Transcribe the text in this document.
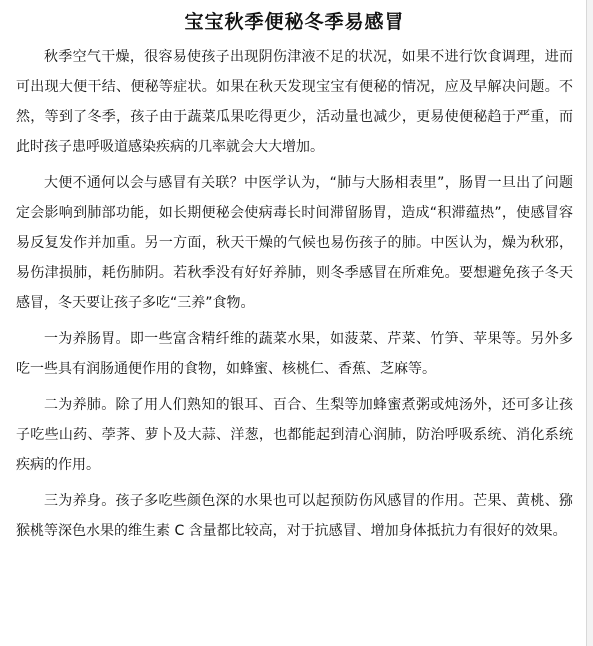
宝宝秋季便秘冬季易感冒

秋季空气干燥，很容易使孩子出现阴伤津液不足的状况，如果不进行饮食调理，进而可出现大便干结、便秘等症状。如果在秋天发现宝宝有便秘的情况，应及早解决问题。不然，等到了冬季，孩子由于蔬菜瓜果吃得更少，活动量也减少，更易使便秘趋于严重，而此时孩子患呼吸道感染疾病的几率就会大大增加。

大便不通何以会与感冒有关联？中医学认为，“肺与大肠相表里”，肠胃一旦出了问题定会影响到肺部功能，如长期便秘会使病毒长时间滞留肠胃，造成“积滞蕴热”，使感冒容易反复发作并加重。另一方面，秋天干燥的气候也易伤孩子的肺。中医认为，燥为秋邪，易伤津损肺，耗伤肺阴。若秋季没有好好养肺，则冬季感冒在所难免。要想避免孩子冬天感冒，冬天要让孩子多吃“三养”食物。

一为养肠胃。即一些富含精纤维的蔬菜水果，如菠菜、芹菜、竹笋、苹果等。另外多吃一些具有润肠通便作用的食物，如蜂蜜、核桃仁、香蕉、芝麻等。

二为养肺。除了用人们熟知的银耳、百合、生梨等加蜂蜜煮粥或炖汤外，还可多让孩子吃些山药、荸荠、萝卜及大蒜、洋葱，也都能起到清心润肺，防治呼吸系统、消化系统疾病的作用。

三为养身。孩子多吃些颜色深的水果也可以起预防伤风感冒的作用。芒果、黄桃、猕猴桃等深色水果的维生素 C 含量都比较高，对于抗感冒、增加身体抵抗力有很好的效果。
